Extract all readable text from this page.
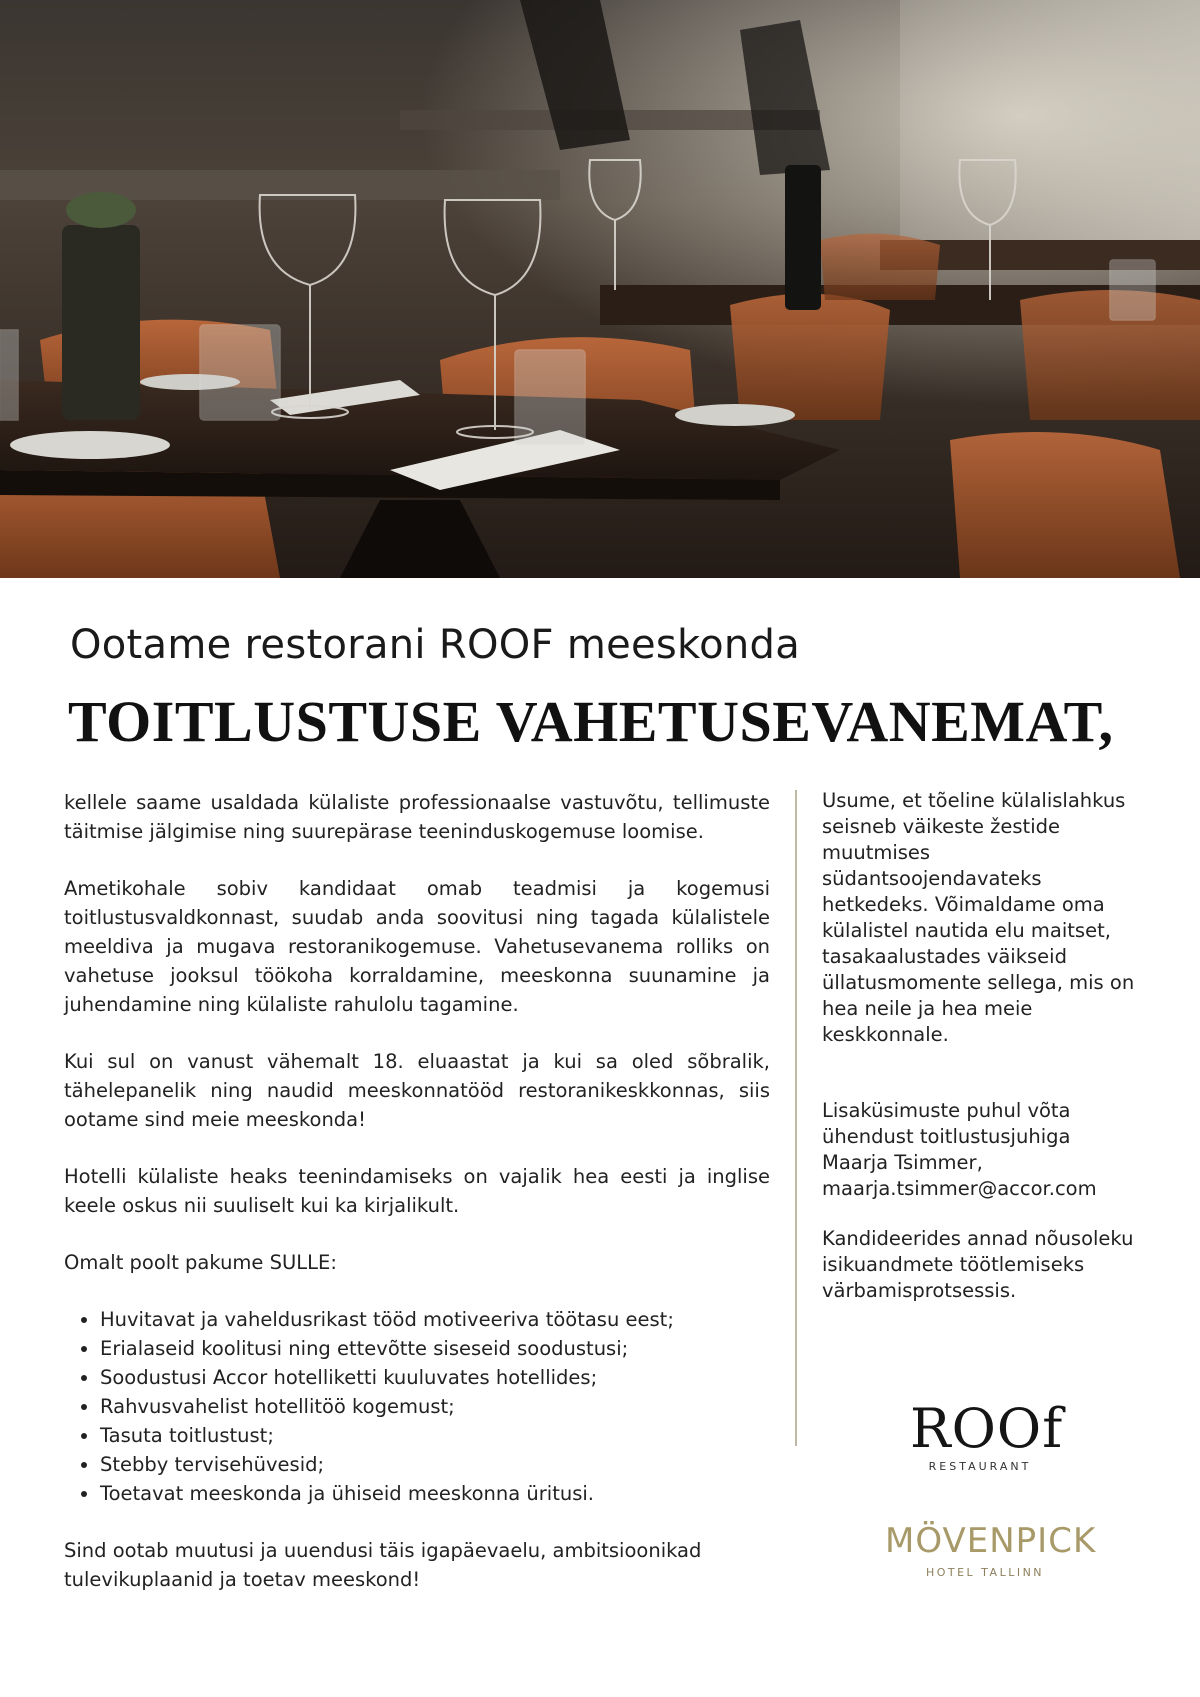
Ootame restorani ROOF meeskonda
TOITLUSTUSE VAHETUSEVANEMAT,

kellele saame usaldada külaliste professionaalse vastuvõtu, tellimuste täitmise jälgimise ning suurepärase teeninduskogemuse loomise.

Ametikohale sobiv kandidaat omab teadmisi ja kogemusi toitlustusvaldkonnast, suudab anda soovitusi ning tagada külalistele meeldiva ja mugava restoranikogemuse. Vahetusevanema rolliks on vahetuse jooksul töökoha korraldamine, meeskonna suunamine ja juhendamine ning külaliste rahulolu tagamine.

Kui sul on vanust vähemalt 18. eluaastat ja kui sa oled sõbralik, tähelepanelik ning naudid meeskonnatööd restoranikeskkonnas, siis ootame sind meie meeskonda!

Hotelli külaliste heaks teenindamiseks on vajalik hea eesti ja inglise keele oskus nii suuliselt kui ka kirjalikult.

Omalt poolt pakume SULLE:

• Huvitavat ja vaheldusrikast tööd motiveeriva töötasu eest;
• Erialaseid koolitusi ning ettevõtte siseseid soodustusi;
• Soodustusi Accor hotelliketti kuuluvates hotellides;
• Rahvusvahelist hotellitöö kogemust;
• Tasuta toitlustust;
• Stebby tervisehüvesid;
• Toetavat meeskonda ja ühiseid meeskonna üritusi.

Sind ootab muutusi ja uuendusi täis igapäevaelu, ambitsioonikad tulevikuplaanid ja toetav meeskond!

Usume, et tõeline külalislahkus seisneb väikeste žestide muutmises südantsoojendavateks hetkedeks. Võimaldame oma külalistel nautida elu maitset, tasakaalustades väikseid üllatusmomente sellega, mis on hea neile ja hea meie keskkonnale.

Lisaküsimuste puhul võta ühendust toitlustusjuhiga Maarja Tsimmer, maarja.tsimmer@accor.com

Kandideerides annad nõusoleku isikuandmete töötlemiseks värbamisprotsessis.

ROOf
RESTAURANT
MÖVENPICK
HOTEL TALLINN
